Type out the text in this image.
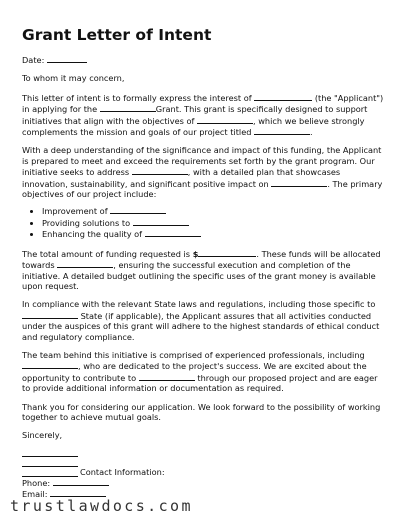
Grant Letter of Intent

Date:

To whom it may concern,

This letter of intent is to formally express the interest of	(the "Applicant") in applying for the	Grant. This grant is specifically designed to support initiatives that align with the objectives of	, which we believe strongly complements the mission and goals of our project titled	.

With a deep understanding of the significance and impact of this funding, the Applicant is prepared to meet and exceed the requirements set forth by the grant program. Our initiative seeks to address	, with a detailed plan that showcases innovation, sustainability, and significant positive impact on	. The primary objectives of our project include:

• Improvement of
• Providing solutions to
• Enhancing the quality of

The total amount of funding requested is $	. These funds will be allocated towards	, ensuring the successful execution and completion of the initiative. A detailed budget outlining the specific uses of the grant money is available upon request.

In compliance with the relevant State laws and regulations, including those specific to  State (if applicable), the Applicant assures that all activities conducted under the auspices of this grant will adhere to the highest standards of ethical conduct and regulatory compliance.

The team behind this initiative is comprised of experienced professionals, including , who are dedicated to the project's success. We are excited about the opportunity to contribute to	through our proposed project and are eager to provide additional information or documentation as required.

Thank you for considering our application. We look forward to the possibility of working together to achieve mutual goals.

Sincerely,

Contact Information:
Phone:
Email:
trustlawdocs.com
